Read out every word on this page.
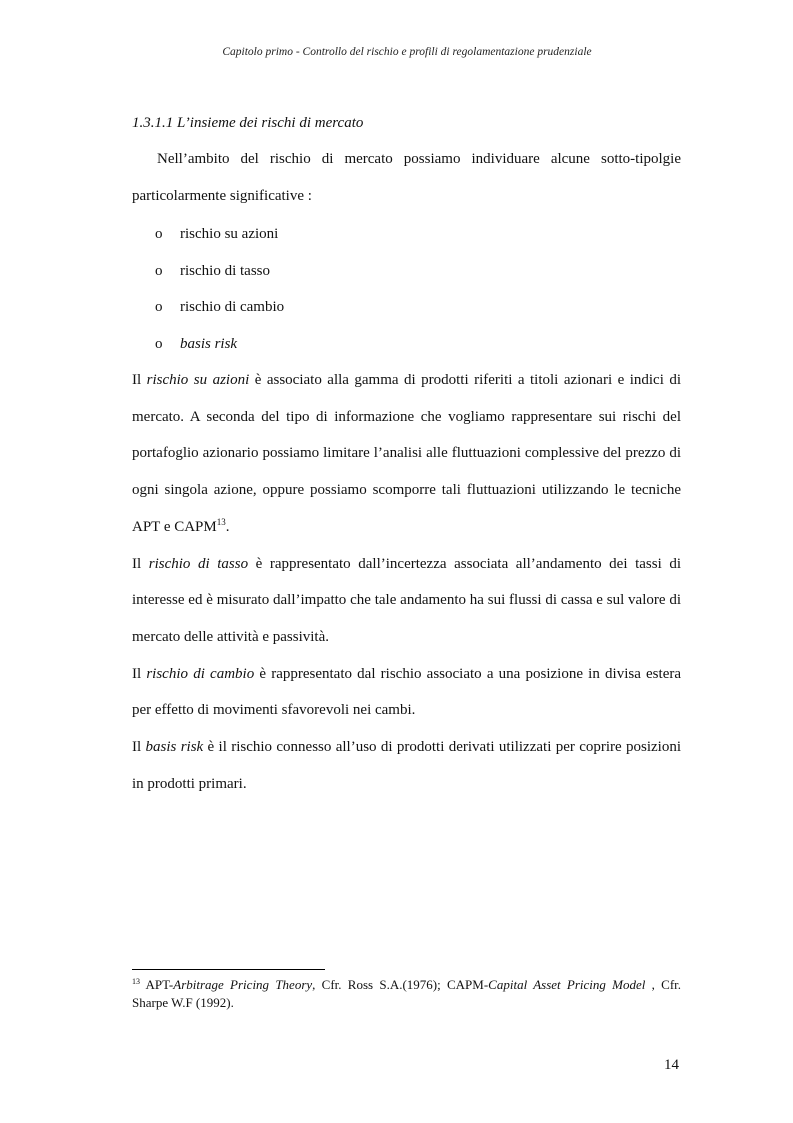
Capitolo primo - Controllo del rischio e profili di regolamentazione prudenziale
1.3.1.1 L’insieme dei rischi di mercato
Nell’ambito del rischio di mercato possiamo individuare alcune sotto-tipolgie particolarmente significative :
o	rischio su azioni
o	rischio di tasso
o	rischio di cambio
o	basis risk

Il rischio su azioni è associato alla gamma di prodotti riferiti a titoli azionari e indici di mercato. A seconda del tipo di informazione che vogliamo rappresentare sui rischi del portafoglio azionario possiamo limitare l’analisi alle fluttuazioni complessive del prezzo di ogni singola azione, oppure possiamo scomporre tali fluttuazioni utilizzando le tecniche APT e CAPM$^{13}$.

Il rischio di tasso è rappresentato dall’incertezza associata all’andamento dei tassi di interesse ed è misurato dall’impatto che tale andamento ha sui flussi di cassa e sul valore di mercato delle attività e passività.

Il rischio di cambio è rappresentato dal rischio associato a una posizione in divisa estera per effetto di movimenti sfavorevoli nei cambi.

Il basis risk è il rischio connesso all’uso di prodotti derivati utilizzati per coprire posizioni in prodotti primari.

$^{13}$ APT-Arbitrage Pricing Theory, Cfr. Ross S.A.(1976); CAPM-Capital Asset Pricing Model , Cfr. Sharpe W.F (1992).
14
